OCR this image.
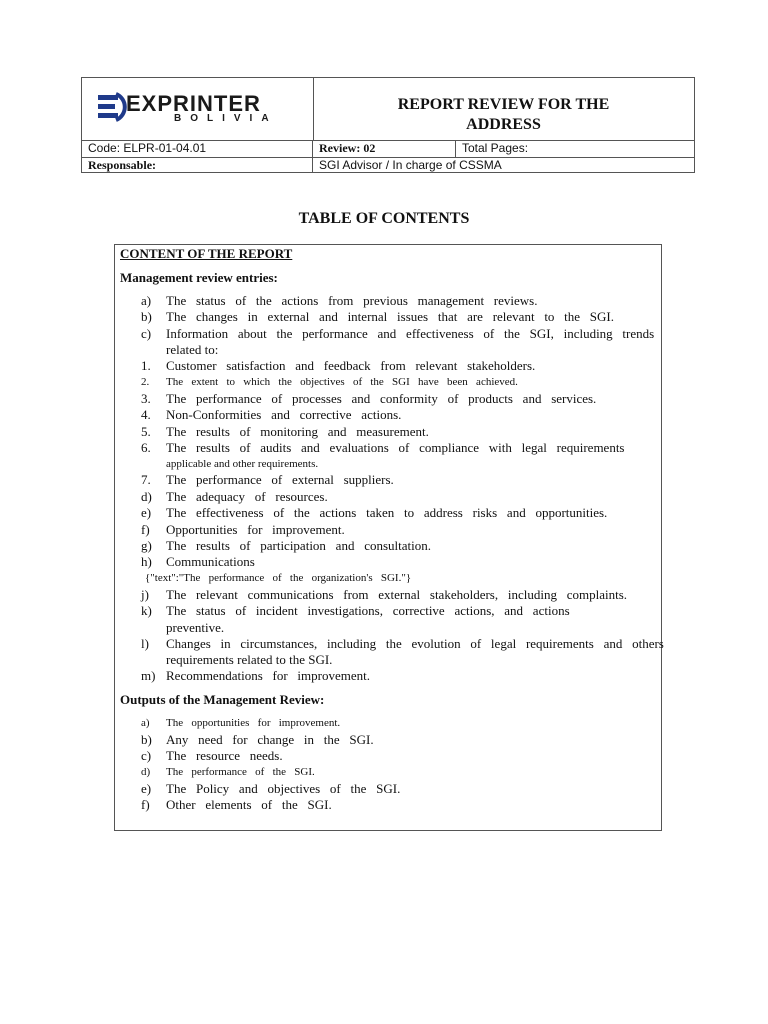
EXPRINTER
BOLIVIA
REPORT REVIEW FOR THE
ADDRESS
Code: ELPR-01-04.01	Review: 02	Total Pages:
Responsable:	SGI Advisor / In charge of CSSMA
TABLE OF CONTENTS
CONTENT OF THE REPORT
Management review entries:
a) The   status   of   the   actions   from   previous   management   reviews.
b) The   changes   in   external   and   internal   issues   that   are   relevant   to   the   SGI.
c) Information   about   the   performance   and   effectiveness   of   the   SGI,   including   trends
related to:
1. Customer   satisfaction   and   feedback   from   relevant   stakeholders.
2. The   extent   to   which   the   objectives   of   the   SGI   have   been   achieved.
3. The   performance   of   processes   and   conformity   of   products   and   services.
4. Non-Conformities   and   corrective   actions.
5. The   results   of   monitoring   and   measurement.
6. The   results   of   audits   and   evaluations   of   compliance   with   legal   requirements
applicable and other requirements.
7. The   performance   of   external   suppliers.
d) The   adequacy   of   resources.
e) The   effectiveness   of   the   actions   taken   to   address   risks   and   opportunities.
f) Opportunities   for   improvement.
g) The   results   of   participation   and   consultation.
h) Communications
{"text":"The   performance   of   the   organization's   SGI."}
j) The   relevant   communications   from   external   stakeholders,   including   complaints.
k) The   status   of   incident   investigations,   corrective   actions,   and   actions
preventive.
l) Changes   in   circumstances,   including   the   evolution   of   legal   requirements   and   others
requirements related to the SGI.
m) Recommendations   for   improvement.
Outputs of the Management Review:
a) The   opportunities   for   improvement.
b) Any   need   for   change   in   the   SGI.
c) The   resource   needs.
d) The   performance   of   the   SGI.
e) The   Policy   and   objectives   of   the   SGI.
f) Other   elements   of   the   SGI.
